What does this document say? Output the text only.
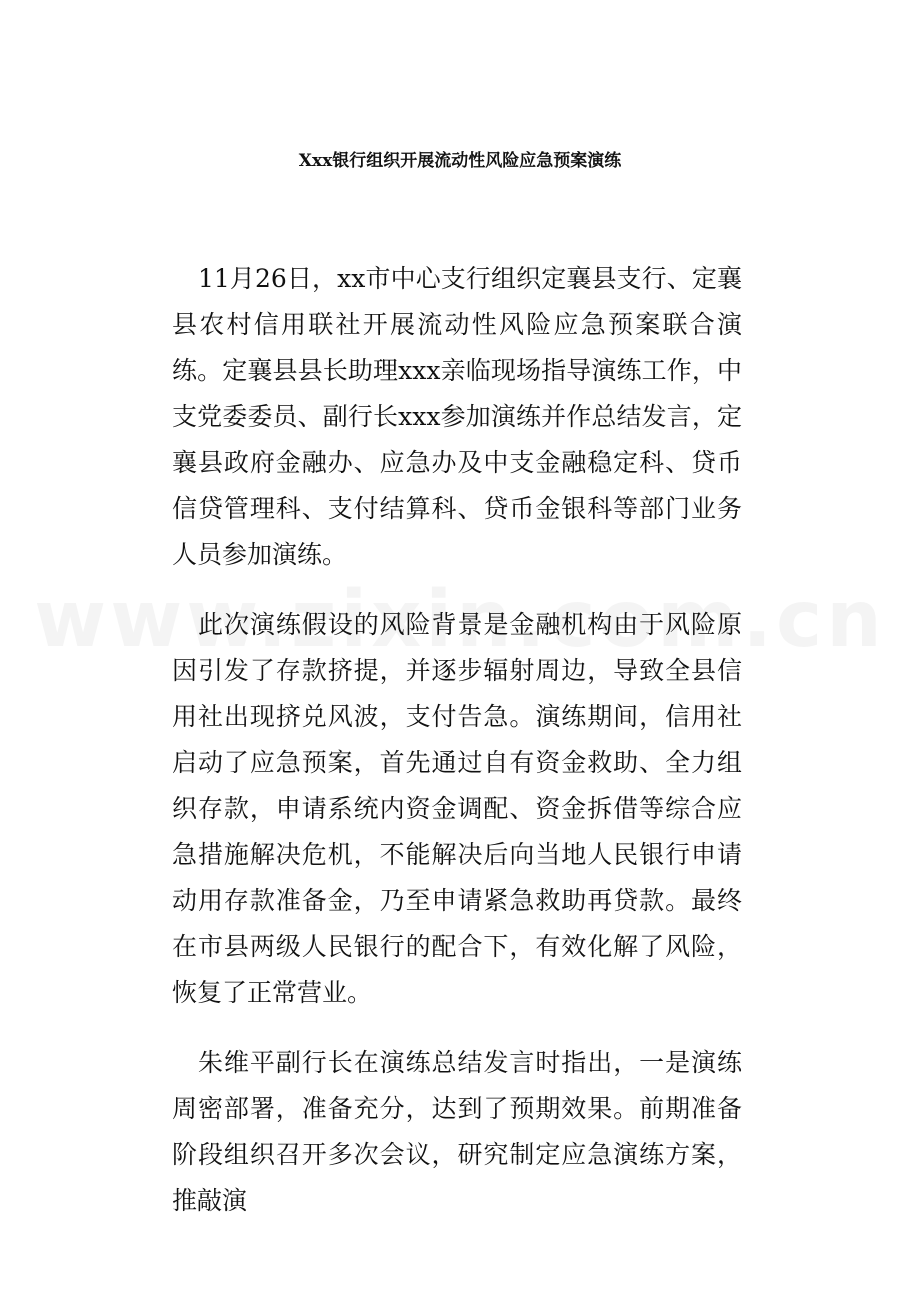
Xxx银行组织开展流动性风险应急预案演练

11月26日，xx市中心支行组织定襄县支行、定襄县农村信用联社开展流动性风险应急预案联合演练。定襄县县长助理xxx亲临现场指导演练工作，中支党委委员、副行长xxx参加演练并作总结发言，定襄县政府金融办、应急办及中支金融稳定科、贷币信贷管理科、支付结算科、贷币金银科等部门业务人员参加演练。

此次演练假设的风险背景是金融机构由于风险原因引发了存款挤提，并逐步辐射周边，导致全县信用社出现挤兑风波，支付告急。演练期间，信用社启动了应急预案，首先通过自有资金救助、全力组织存款，申请系统内资金调配、资金拆借等综合应急措施解决危机，不能解决后向当地人民银行申请动用存款准备金，乃至申请紧急救助再贷款。最终在市县两级人民银行的配合下，有效化解了风险，恢复了正常营业。

朱维平副行长在演练总结发言时指出，一是演练周密部署，准备充分，达到了预期效果。前期准备阶段组织召开多次会议，研究制定应急演练方案，推敲演
